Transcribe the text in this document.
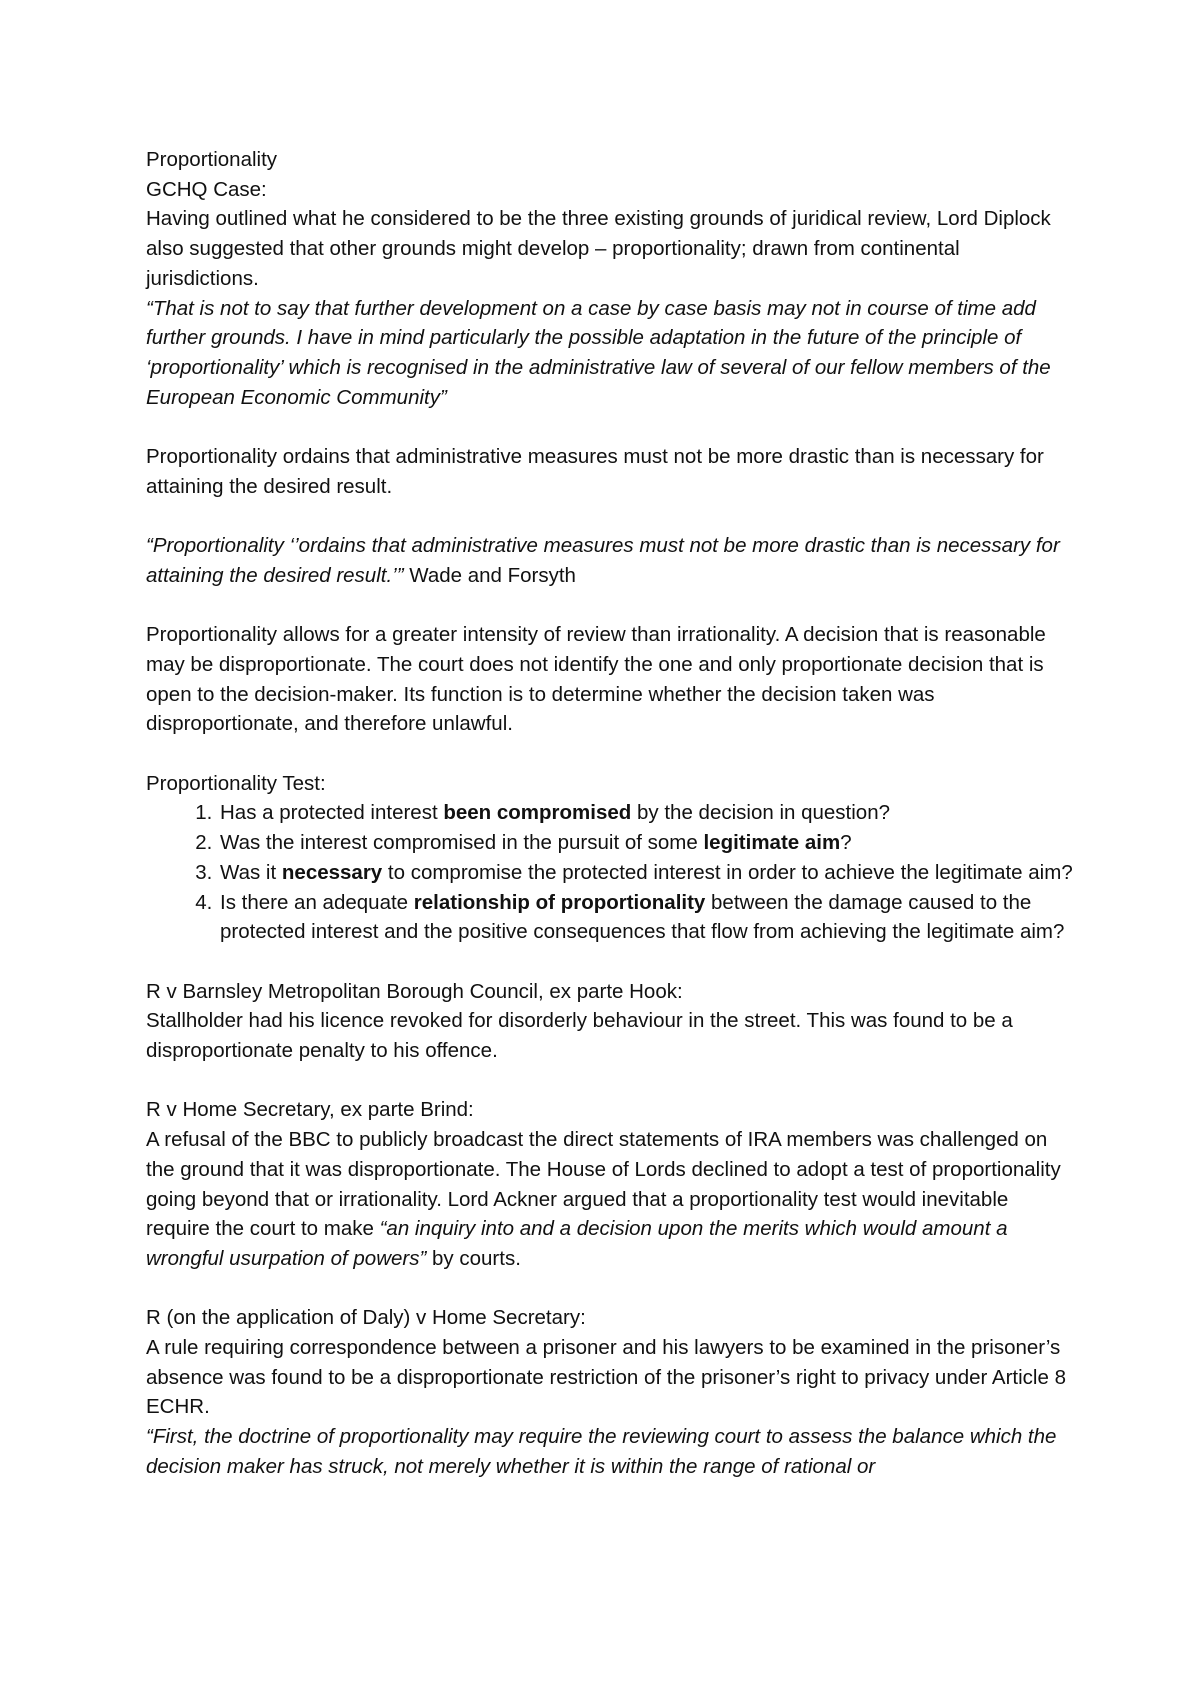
Proportionality

GCHQ Case:

Having outlined what he considered to be the three existing grounds of juridical review, Lord Diplock also suggested that other grounds might develop – proportionality; drawn from continental jurisdictions.

“That is not to say that further development on a case by case basis may not in course of time add further grounds. I have in mind particularly the possible adaptation in the future of the principle of ‘proportionality’ which is recognised in the administrative law of several of our fellow members of the European Economic Community”

Proportionality ordains that administrative measures must not be more drastic than is necessary for attaining the desired result.

“Proportionality ‘’ordains that administrative measures must not be more drastic than is necessary for attaining the desired result.’” Wade and Forsyth

Proportionality allows for a greater intensity of review than irrationality. A decision that is reasonable may be disproportionate. The court does not identify the one and only proportionate decision that is open to the decision-maker. Its function is to determine whether the decision taken was disproportionate, and therefore unlawful.

Proportionality Test:

1. Has a protected interest been compromised by the decision in question?
2. Was the interest compromised in the pursuit of some legitimate aim?
3. Was it necessary to compromise the protected interest in order to achieve the legitimate aim?
4. Is there an adequate relationship of proportionality between the damage caused to the protected interest and the positive consequences that flow from achieving the legitimate aim?

R v Barnsley Metropolitan Borough Council, ex parte Hook:

Stallholder had his licence revoked for disorderly behaviour in the street. This was found to be a disproportionate penalty to his offence.

R v Home Secretary, ex parte Brind:

A refusal of the BBC to publicly broadcast the direct statements of IRA members was challenged on the ground that it was disproportionate. The House of Lords declined to adopt a test of proportionality going beyond that or irrationality. Lord Ackner argued that a proportionality test would inevitable require the court to make “an inquiry into and a decision upon the merits which would amount a wrongful usurpation of powers” by courts.

R (on the application of Daly) v Home Secretary:

A rule requiring correspondence between a prisoner and his lawyers to be examined in the prisoner’s absence was found to be a disproportionate restriction of the prisoner’s right to privacy under Article 8 ECHR.

“First, the doctrine of proportionality may require the reviewing court to assess the balance which the decision maker has struck, not merely whether it is within the range of rational or
